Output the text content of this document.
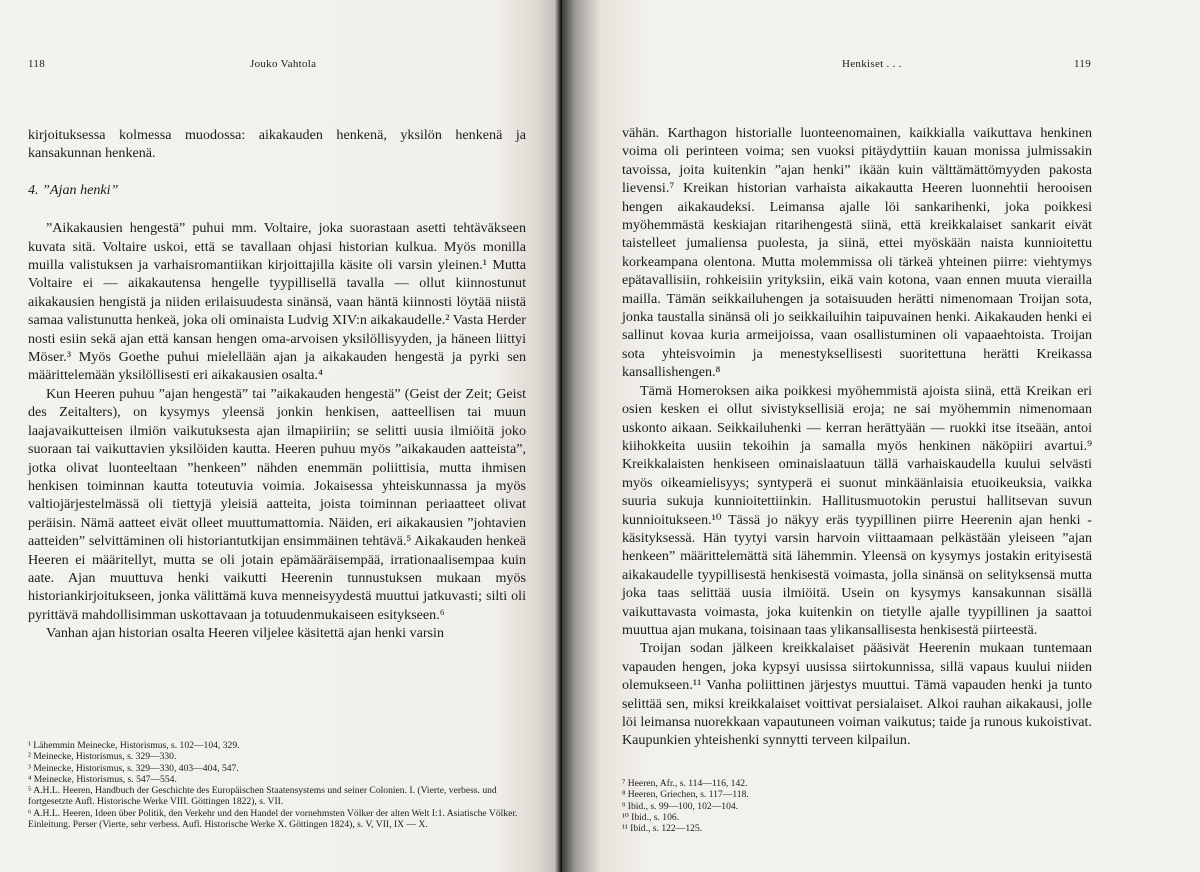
118	Jouko Vahtola

kirjoituksessa kolmessa muodossa: aikakauden henkenä, yksilön henkenä ja kansakunnan henkenä.

4. ”Ajan henki”

”Aikakausien hengestä” puhui mm. Voltaire, joka suorastaan asetti tehtäväkseen kuvata sitä. Voltaire uskoi, että se tavallaan ohjasi historian kulkua. Myös monilla muilla valistuksen ja varhaisromantiikan kirjoittajilla käsite oli varsin yleinen.¹ Mutta Voltaire ei — aikakautensa hengelle tyypillisellä tavalla — ollut kiinnostunut aikakausien hengistä ja niiden erilaisuudesta sinänsä, vaan häntä kiinnosti löytää niistä samaa valistunutta henkeä, joka oli ominaista Ludvig XIV:n aikakaudelle.² Vasta Herder nosti esiin sekä ajan että kansan hengen oma-arvoisen yksilöllisyyden, ja häneen liittyi Möser.³ Myös Goethe puhui mielellään ajan ja aikakauden hengestä ja pyrki sen määrittelemään yksilöllisesti eri aikakausien osalta.⁴

Kun Heeren puhuu ”ajan hengestä” tai ”aikakauden hengestä” (Geist der Zeit; Geist des Zeitalters), on kysymys yleensä jonkin henkisen, aatteellisen tai muun laajavaikutteisen ilmiön vaikutuksesta ajan ilmapiiriin; se selitti uusia ilmiöitä joko suoraan tai vaikuttavien yksilöiden kautta. Heeren puhuu myös ”aikakauden aatteista”, jotka olivat luonteeltaan ”henkeen” nähden enemmän poliittisia, mutta ihmisen henkisen toiminnan kautta toteutuvia voimia. Jokaisessa yhteiskunnassa ja myös valtiojärjestelmässä oli tiettyjä yleisiä aatteita, joista toiminnan periaatteet olivat peräisin. Nämä aatteet eivät olleet muuttumattomia. Näiden, eri aikakausien ”johtavien aatteiden” selvittäminen oli historiantutkijan ensimmäinen tehtävä.⁵ Aikakauden henkeä Heeren ei määritellyt, mutta se oli jotain epämääräisempää, irrationaalisempaa kuin aate. Ajan muuttuva henki vaikutti Heerenin tunnustuksen mukaan myös historiankirjoitukseen, jonka välittämä kuva menneisyydestä muuttui jatkuvasti; silti oli pyrittävä mahdollisimman uskottavaan ja totuudenmukaiseen esitykseen.⁶

Vanhan ajan historian osalta Heeren viljelee käsitettä ajan henki varsin

¹ Lähemmin Meinecke, Historismus, s. 102—104, 329.
² Meinecke, Historismus, s. 329—330.
³ Meinecke, Historismus, s. 329—330, 403—404, 547.
⁴ Meinecke, Historismus, s. 547—554.
⁵ A.H.L. Heeren, Handbuch der Geschichte des Europäischen Staatensystems und seiner Colonien. I. (Vierte, verbess. und fortgesetzte Aufl. Historische Werke VIII. Göttingen 1822), s. VII.
⁶ A.H.L. Heeren, Ideen über Politik, den Verkehr und den Handel der vornehmsten Völker der alten Welt I:1. Asiatische Völker. Einleitung. Perser (Vierte, sehr verbess. Aufl. Historische Werke X. Göttingen 1824), s. V, VII, IX — X.
Henkiset . . .	119

vähän. Karthagon historialle luonteenomainen, kaikkialla vaikuttava henkinen voima oli perinteen voima; sen vuoksi pitäydyttiin kauan monissa julmissakin tavoissa, joita kuitenkin ”ajan henki” ikään kuin välttämättömyyden pakosta lievensi.⁷ Kreikan historian varhaista aikakautta Heeren luonnehtii herooisen hengen aikakaudeksi. Leimansa ajalle löi sankarihenki, joka poikkesi myöhemmästä keskiajan ritarihengestä siinä, että kreikkalaiset sankarit eivät taistelleet jumaliensa puolesta, ja siinä, ettei myöskään naista kunnioitettu korkeampana olentona. Mutta molemmissa oli tärkeä yhteinen piirre: viehtymys epätavallisiin, rohkeisiin yrityksiin, eikä vain kotona, vaan ennen muuta vierailla mailla. Tämän seikkailuhengen ja sotaisuuden herätti nimenomaan Troijan sota, jonka taustalla sinänsä oli jo seikkailuihin taipuvainen henki. Aikakauden henki ei sallinut kovaa kuria armeijoissa, vaan osallistuminen oli vapaaehtoista. Troijan sota yhteisvoimin ja menestyksellisesti suoritettuna herätti Kreikassa kansallishengen.⁸

Tämä Homeroksen aika poikkesi myöhemmistä ajoista siinä, että Kreikan eri osien kesken ei ollut sivistyksellisiä eroja; ne sai myöhemmin nimenomaan uskonto aikaan. Seikkailuhenki — kerran herättyään — ruokki itse itseään, antoi kiihokkeita uusiin tekoihin ja samalla myös henkinen näköpiiri avartui.⁹ Kreikkalaisten henkiseen ominaislaatuun tällä varhaiskaudella kuului selvästi myös oikeamielisyys; syntyperä ei suonut minkäänlaisia etuoikeuksia, vaikka suuria sukuja kunnioitettiinkin. Hallitusmuotokin perustui hallitsevan suvun kunnioitukseen.¹⁰ Tässä jo näkyy eräs tyypillinen piirre Heerenin ajan henki -käsityksessä. Hän tyytyi varsin harvoin viittaamaan pelkästään yleiseen ”ajan henkeen” määrittelemättä sitä lähemmin. Yleensä on kysymys jostakin erityisestä aikakaudelle tyypillisestä henkisestä voimasta, jolla sinänsä on selityksensä mutta joka taas selittää uusia ilmiöitä. Usein on kysymys kansakunnan sisällä vaikuttavasta voimasta, joka kuitenkin on tietylle ajalle tyypillinen ja saattoi muuttua ajan mukana, toisinaan taas ylikansallisesta henkisestä piirteestä.

Troijan sodan jälkeen kreikkalaiset pääsivät Heerenin mukaan tuntemaan vapauden hengen, joka kypsyi uusissa siirtokunnissa, sillä vapaus kuului niiden olemukseen.¹¹ Vanha poliittinen järjestys muuttui. Tämä vapauden henki ja tunto selittää sen, miksi kreikkalaiset voittivat persialaiset. Alkoi rauhan aikakausi, jolle löi leimansa nuorekkaan vapautuneen voiman vaikutus; taide ja runous kukoistivat. Kaupunkien yhteishenki synnytti terveen kilpailun.

⁷ Heeren, Afr., s. 114—116, 142.
⁸ Heeren, Griechen, s. 117—118.
⁹ Ibid., s. 99—100, 102—104.
¹⁰ Ibid., s. 106.
¹¹ Ibid., s. 122—125.
